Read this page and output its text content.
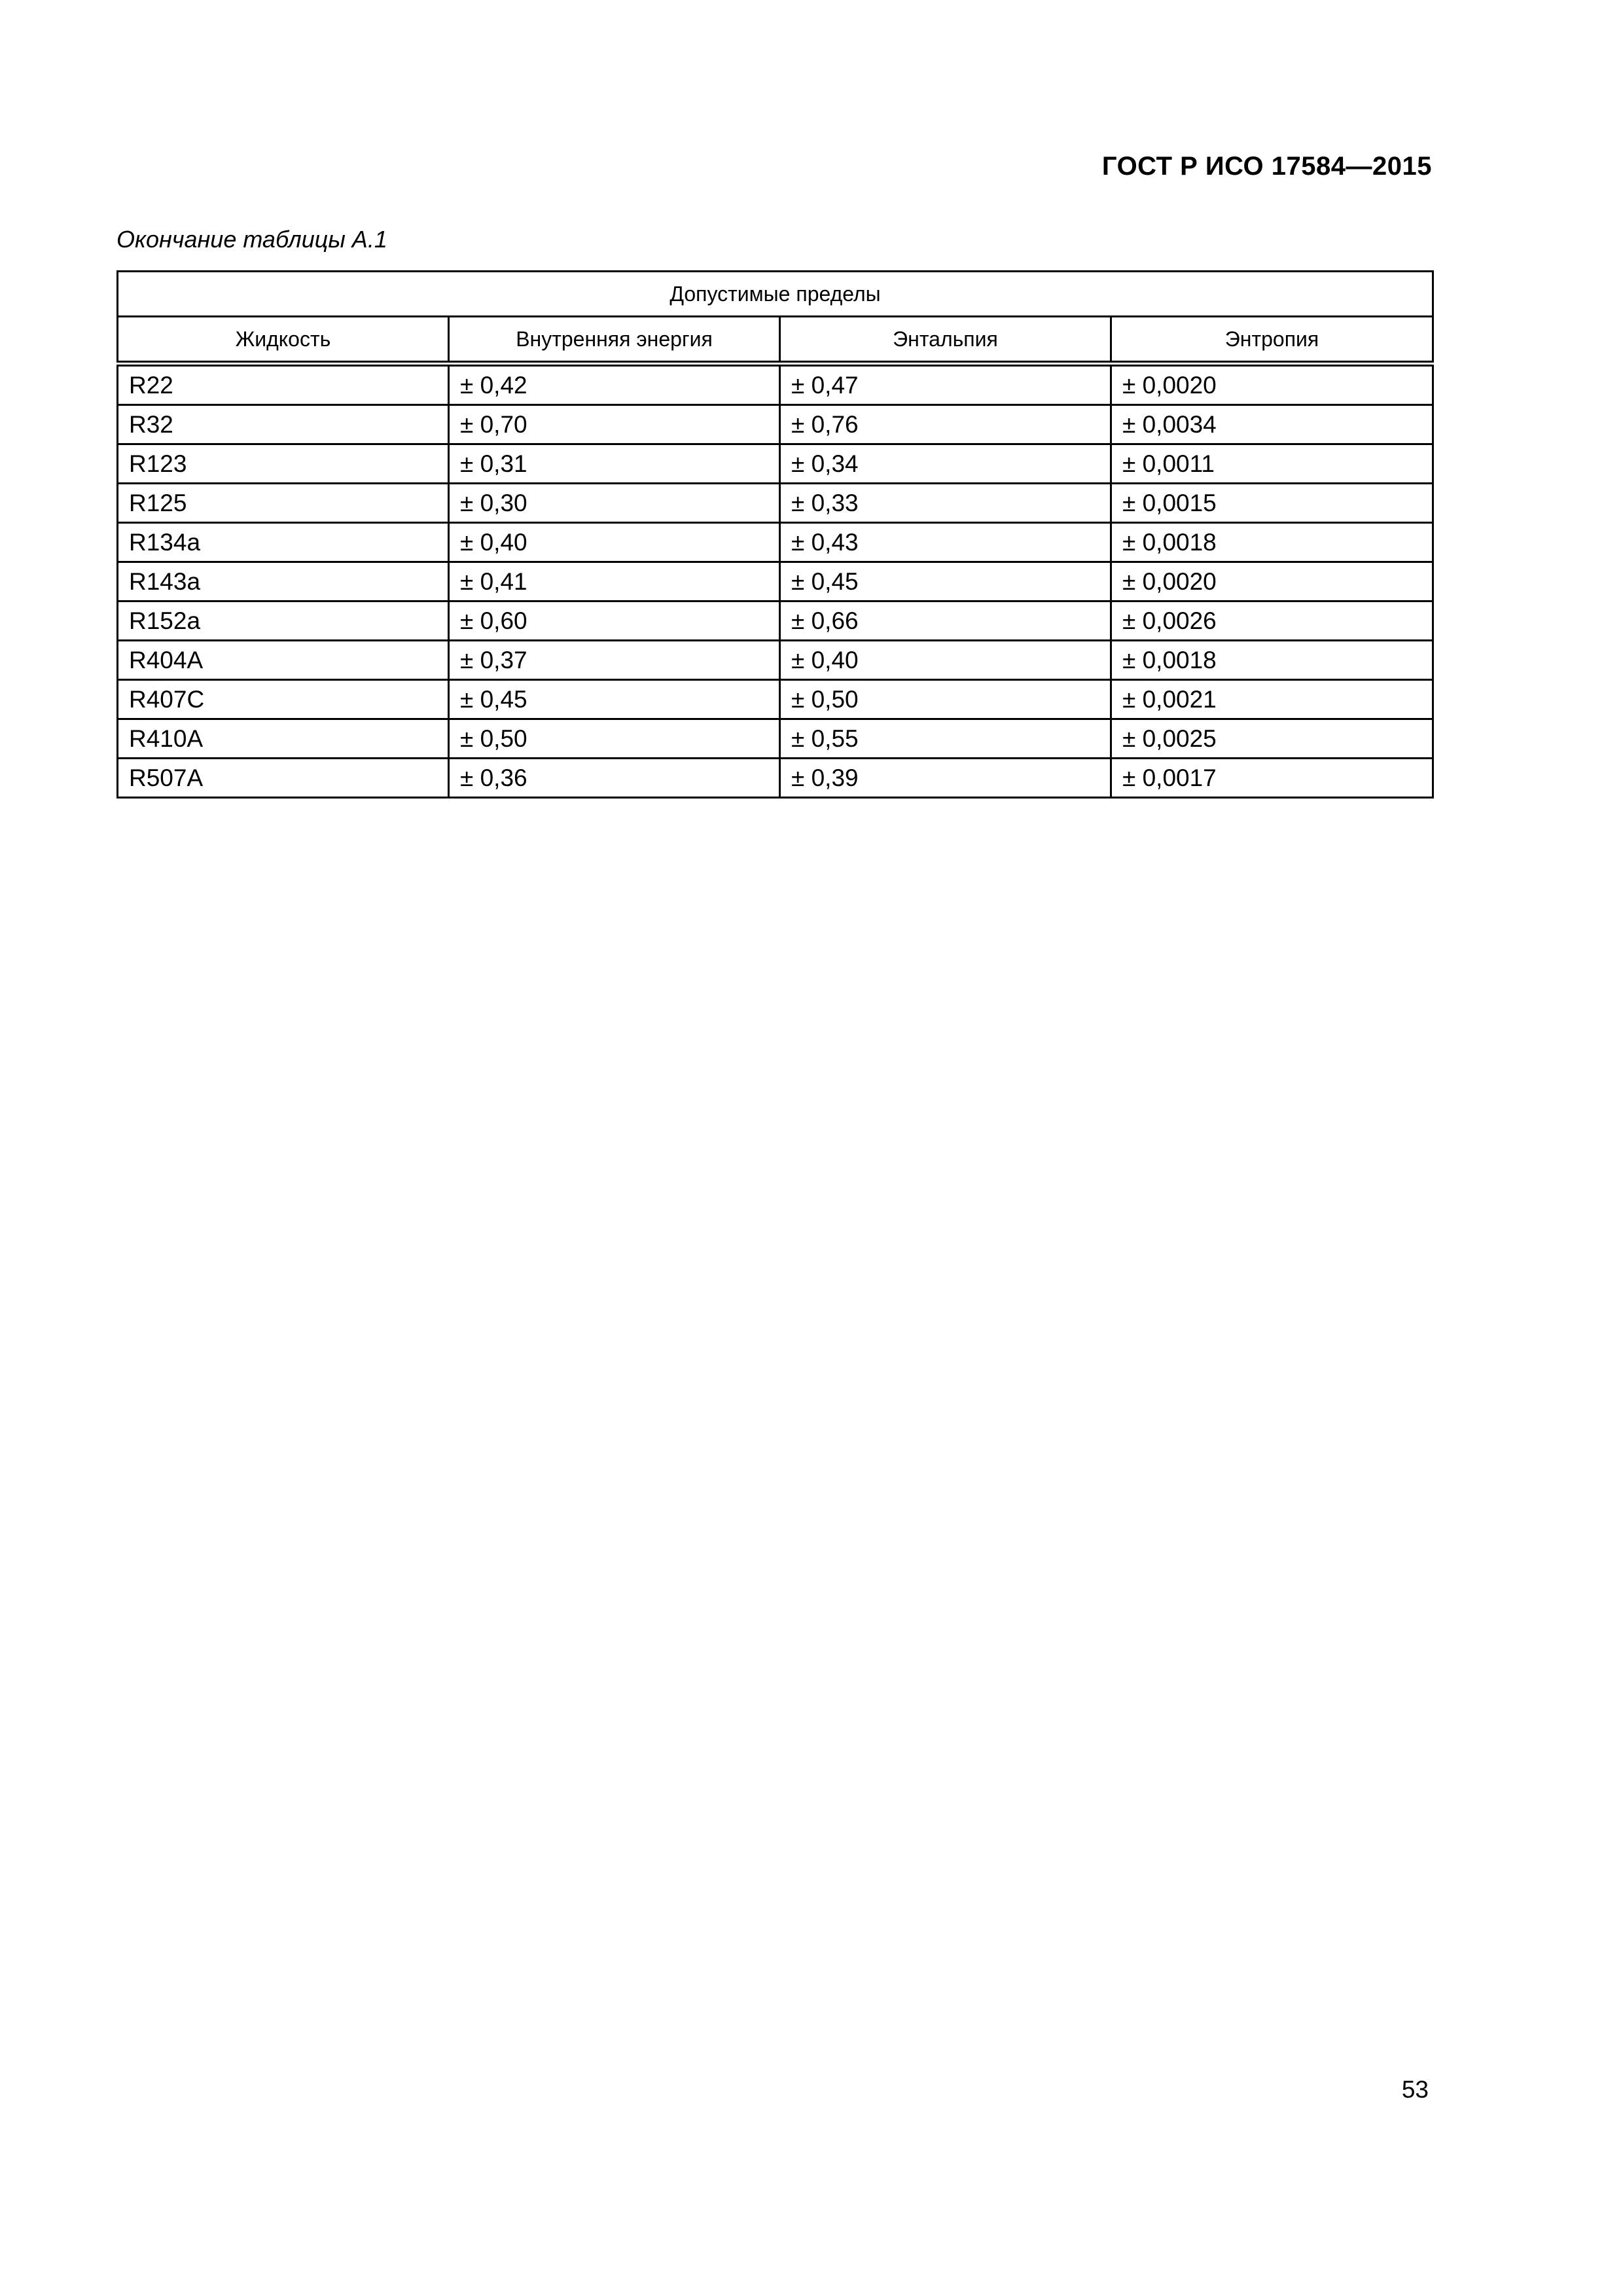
ГОСТ Р ИСО 17584—2015
Окончание таблицы А.1
Допустимые пределы			
Жидкость	Внутренняя энергия	Энтальпия	Энтропия
R22	± 0,42	± 0,47	± 0,0020
R32	± 0,70	± 0,76	± 0,0034
R123	± 0,31	± 0,34	± 0,0011
R125	± 0,30	± 0,33	± 0,0015
R134a	± 0,40	± 0,43	± 0,0018
R143a	± 0,41	± 0,45	± 0,0020
R152a	± 0,60	± 0,66	± 0,0026
R404A	± 0,37	± 0,40	± 0,0018
R407C	± 0,45	± 0,50	± 0,0021
R410A	± 0,50	± 0,55	± 0,0025
R507A	± 0,36	± 0,39	± 0,0017
53
